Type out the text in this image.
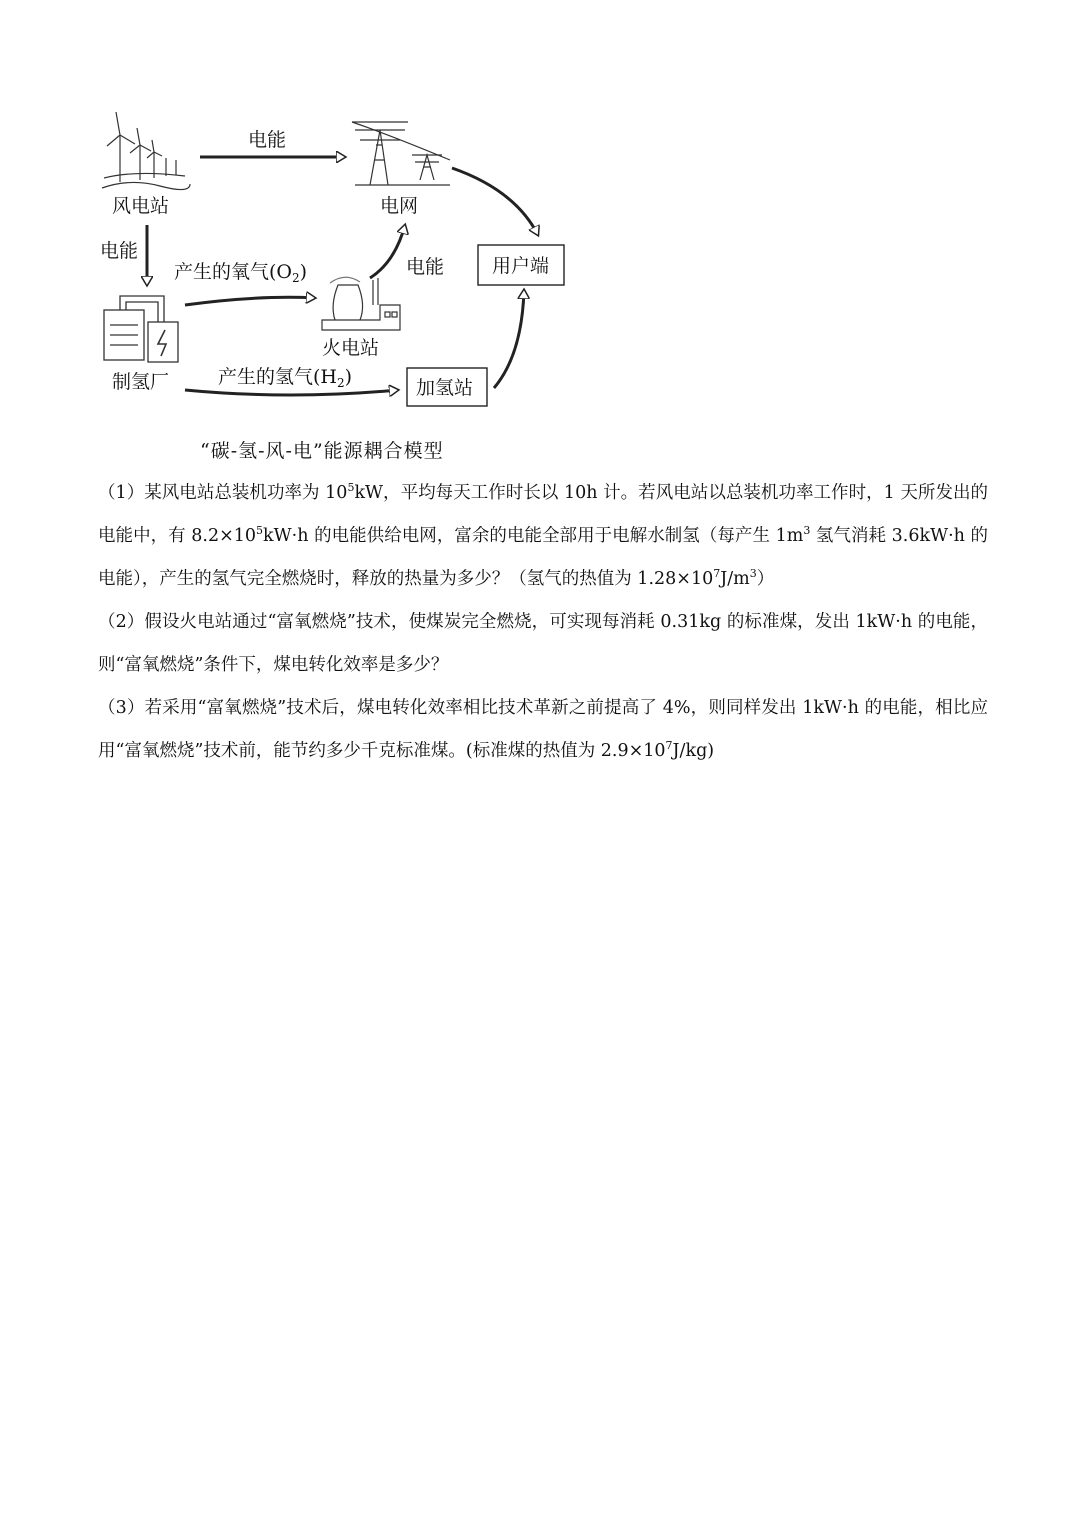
风电站	电网
电能
电能
用户端
制氢厂
产生的氧气$(O_2)$
火电站
电能
产生的氢气$(H_2)$	加氢站
“碳-氢-风-电”能源耦合模型

（1）某风电站总装机功率为 $10^5kW$，平均每天工作时长以 10h 计。若风电站以总装机功率工作时，1 天所发出的电能中，有 $8.2\times 10^5kW\cdot h$ 的电能供给电网，富余的电能全部用于电解水制氢（每产生 $1m^3$ 氢气消耗 3.6kW·h 的电能），产生的氢气完全燃烧时，释放的热量为多少？（氢气的热值为 $1.28\times 10^7J/m^3$）

（2）假设火电站通过“富氧燃烧”技术，使煤炭完全燃烧，可实现每消耗 0.31kg 的标准煤，发出 1kW·h 的电能，则“富氧燃烧”条件下，煤电转化效率是多少？

（3）若采用“富氧燃烧”技术后，煤电转化效率相比技术革新之前提高了 4%，则同样发出 1kW·h 的电能，相比应用“富氧燃烧”技术前，能节约多少千克标准煤。(标准煤的热值为 $2.9\times 10^7J/kg$)
